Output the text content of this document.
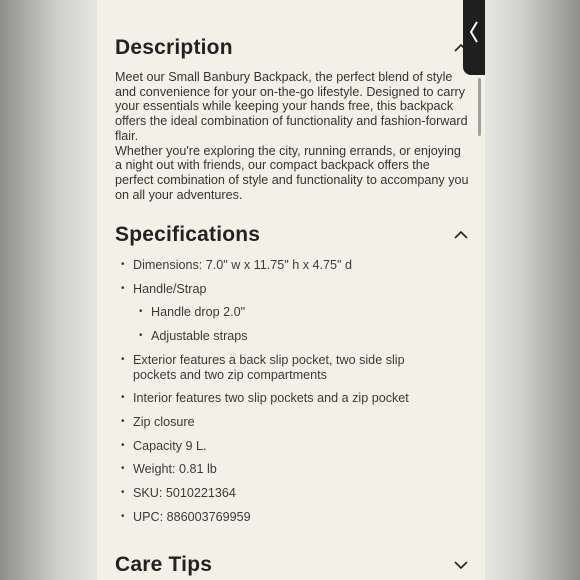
Description

Meet our Small Banbury Backpack, the perfect blend of style and convenience for your on-the-go lifestyle. Designed to carry your essentials while keeping your hands free, this backpack offers the ideal combination of functionality and fashion-forward flair.

Whether you're exploring the city, running errands, or enjoying a night out with friends, our compact backpack offers the perfect combination of style and functionality to accompany you on all your adventures.

Specifications
• Dimensions: 7.0" w x 11.75" h x 4.75" d
• Handle/Strap
• Handle drop 2.0"
• Adjustable straps
• Exterior features a back slip pocket, two side slip pockets and two zip compartments
• Interior features two slip pockets and a zip pocket
• Zip closure
• Capacity 9 L.
• Weight: 0.81 lb
• SKU: 5010221364
• UPC: 886003769959
Care Tips
